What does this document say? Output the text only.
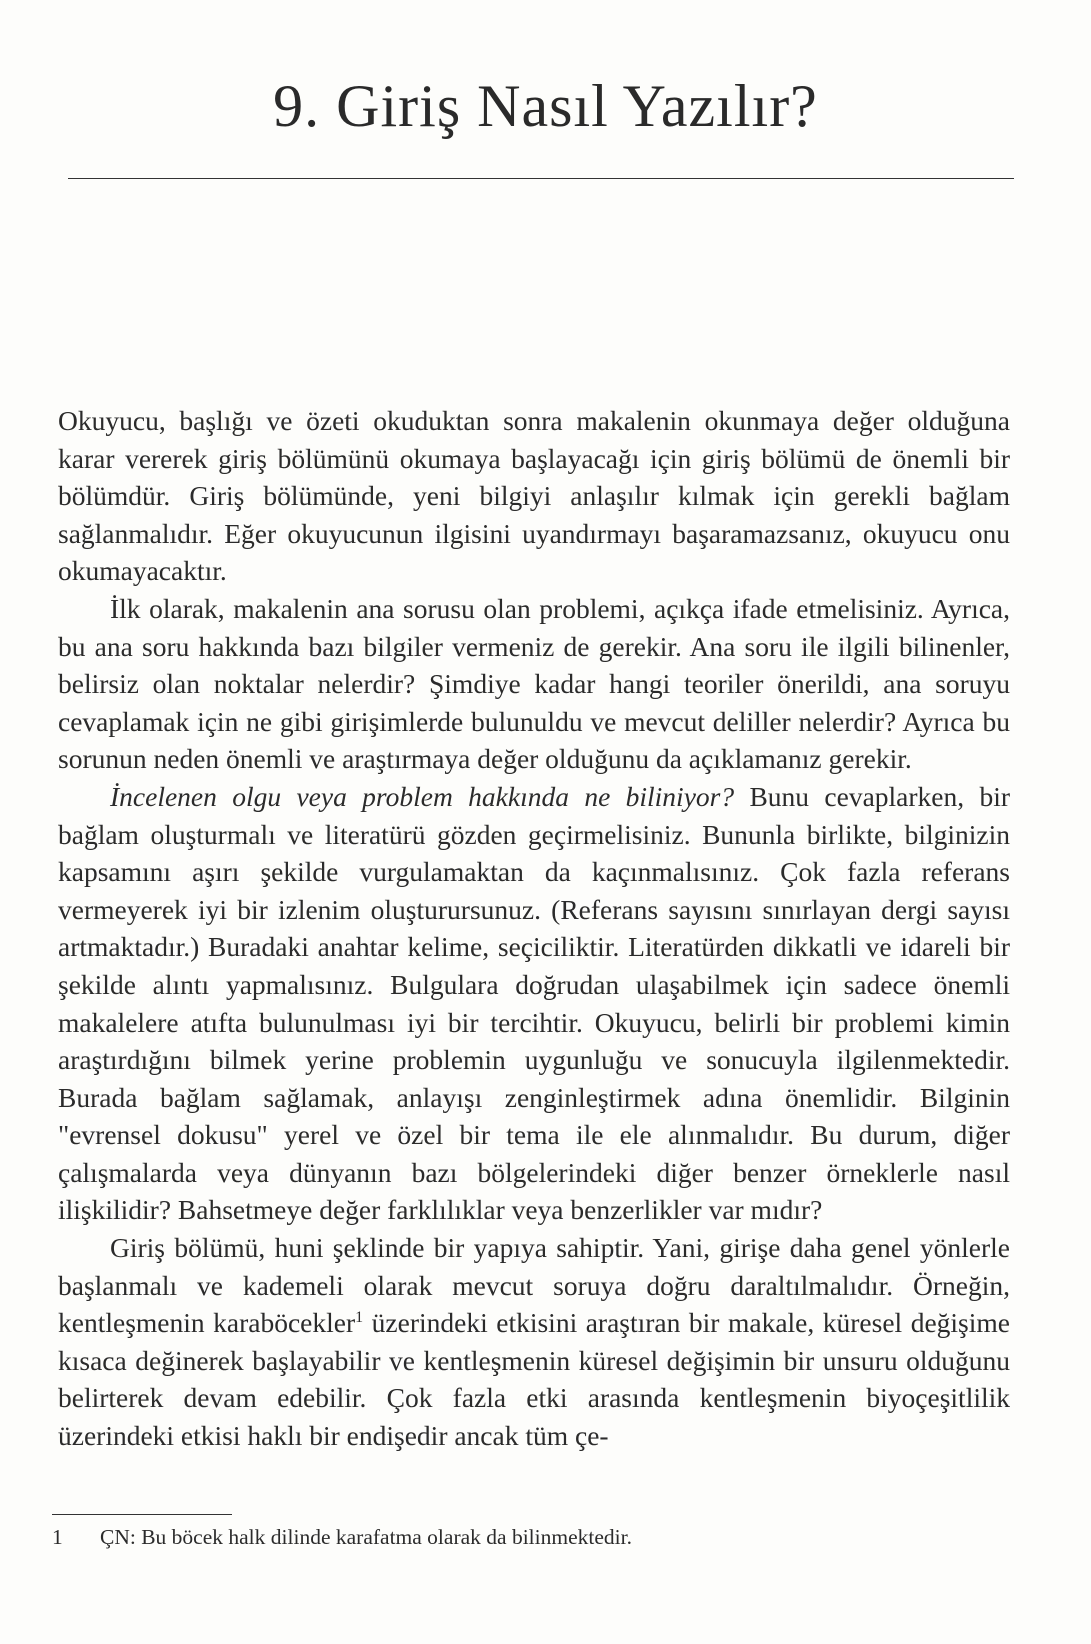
9. Giriş Nasıl Yazılır?

Okuyucu, başlığı ve özeti okuduktan sonra makalenin okunmaya değer olduğuna karar vererek giriş bölümünü okumaya başlayacağı için giriş bölümü de önemli bir bölümdür. Giriş bölümünde, yeni bilgiyi anlaşılır kılmak için gerekli bağlam sağlanmalıdır. Eğer okuyucunun ilgisini uyandırmayı başaramazsanız, okuyucu onu okumayacaktır.

İlk olarak, makalenin ana sorusu olan problemi, açıkça ifade etmelisiniz. Ayrıca, bu ana soru hakkında bazı bilgiler vermeniz de gerekir. Ana soru ile ilgili bilinenler, belirsiz olan noktalar nelerdir? Şimdiye kadar hangi teoriler önerildi, ana soruyu cevaplamak için ne gibi girişimlerde bulunuldu ve mevcut deliller nelerdir? Ayrıca bu sorunun neden önemli ve araştırmaya değer olduğunu da açıklamanız gerekir.

İncelenen olgu veya problem hakkında ne biliniyor? Bunu cevaplarken, bir bağlam oluşturmalı ve literatürü gözden geçirmelisiniz. Bununla birlikte, bilginizin kapsamını aşırı şekilde vurgulamaktan da kaçınmalısınız. Çok fazla referans vermeyerek iyi bir izlenim oluşturursunuz. (Referans sayısını sınırlayan dergi sayısı artmaktadır.) Buradaki anahtar kelime, seçiciliktir. Literatürden dikkatli ve idareli bir şekilde alıntı yapmalısınız. Bulgulara doğrudan ulaşabilmek için sadece önemli makalelere atıfta bulunulması iyi bir tercihtir. Okuyucu, belirli bir problemi kimin araştırdığını bilmek yerine problemin uygunluğu ve sonucuyla ilgilenmektedir. Burada bağlam sağlamak, anlayışı zenginleştirmek adına önemlidir. Bilginin "evrensel dokusu" yerel ve özel bir tema ile ele alınmalıdır. Bu durum, diğer çalışmalarda veya dünyanın bazı bölgelerindeki diğer benzer örneklerle nasıl ilişkilidir? Bahsetmeye değer farklılıklar veya benzerlikler var mıdır?

Giriş bölümü, huni şeklinde bir yapıya sahiptir. Yani, girişe daha genel yönlerle başlanmalı ve kademeli olarak mevcut soruya doğru daraltılmalıdır. Örneğin, kentleşmenin karaböcekler$^1$ üzerindeki etkisini araştıran bir makale, küresel değişime kısaca değinerek başlayabilir ve kentleşmenin küresel değişimin bir unsuru olduğunu belirterek devam edebilir. Çok fazla etki arasında kentleşmenin biyoçeşitlilik üzerindeki etkisi haklı bir endişedir ancak tüm çe-

1 ÇN: Bu böcek halk dilinde karafatma olarak da bilinmektedir.
